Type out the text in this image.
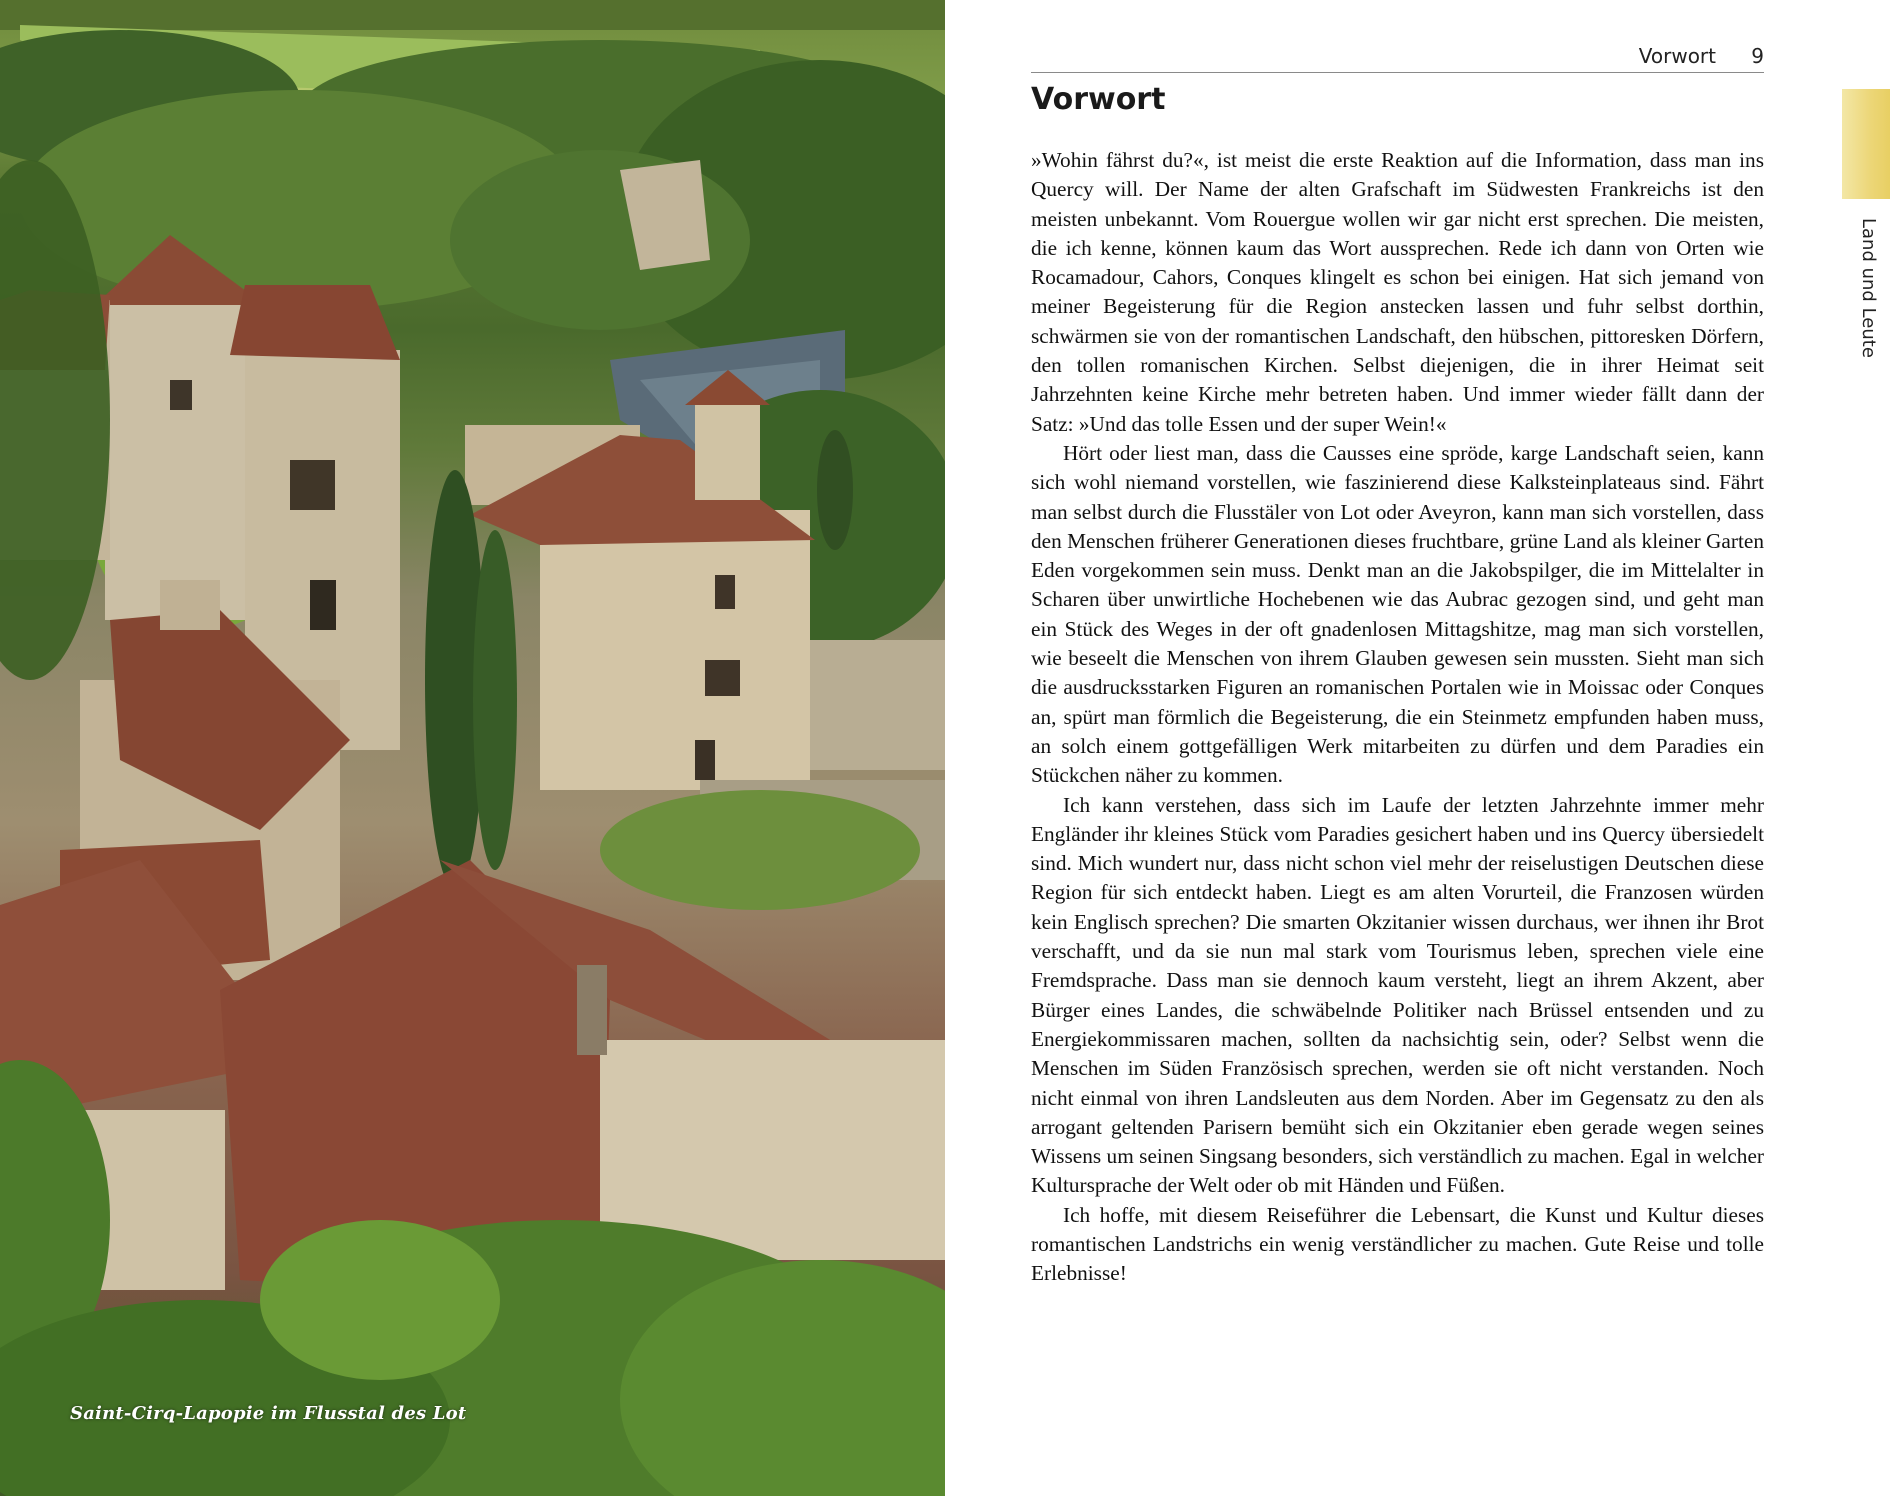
Saint-Cirq-Lapopie im Flusstal des Lot
Vorwort 9
Land und Leute
Vorwort

»Wohin fährst du?«, ist meist die erste Reaktion auf die Information, dass man ins Quercy will. Der Name der alten Grafschaft im Südwesten Frankreichs ist den meisten unbekannt. Vom Rouergue wollen wir gar nicht erst sprechen. Die meisten, die ich kenne, können kaum das Wort aussprechen. Rede ich dann von Orten wie Rocamadour, Cahors, Conques klingelt es schon bei einigen. Hat sich jemand von meiner Begeisterung für die Region anstecken lassen und fuhr selbst dorthin, schwärmen sie von der romantischen Landschaft, den hübschen, pittoresken Dörfern, den tollen romanischen Kirchen. Selbst diejenigen, die in ihrer Heimat seit Jahrzehnten keine Kirche mehr betreten haben. Und immer wieder fällt dann der Satz: »Und das tolle Essen und der super Wein!«

Hört oder liest man, dass die Causses eine spröde, karge Landschaft seien, kann sich wohl niemand vorstellen, wie faszinierend diese Kalksteinplateaus sind. Fährt man selbst durch die Flusstäler von Lot oder Aveyron, kann man sich vorstellen, dass den Menschen früherer Generationen dieses fruchtbare, grüne Land als kleiner Garten Eden vorgekommen sein muss. Denkt man an die Jakobspilger, die im Mittelalter in Scharen über unwirtliche Hochebenen wie das Aubrac gezogen sind, und geht man ein Stück des Weges in der oft gnadenlosen Mittagshitze, mag man sich vorstellen, wie beseelt die Menschen von ihrem Glauben gewesen sein mussten. Sieht man sich die ausdrucksstarken Figuren an romanischen Portalen wie in Moissac oder Conques an, spürt man förmlich die Begeisterung, die ein Steinmetz empfunden haben muss, an solch einem gottgefälligen Werk mitarbeiten zu dürfen und dem Paradies ein Stückchen näher zu kommen.

Ich kann verstehen, dass sich im Laufe der letzten Jahrzehnte immer mehr Engländer ihr kleines Stück vom Paradies gesichert haben und ins Quercy übersiedelt sind. Mich wundert nur, dass nicht schon viel mehr der reiselustigen Deutschen diese Region für sich entdeckt haben. Liegt es am alten Vorurteil, die Franzosen würden kein Englisch sprechen? Die smarten Okzitanier wissen durchaus, wer ihnen ihr Brot verschafft, und da sie nun mal stark vom Tourismus leben, sprechen viele eine Fremdsprache. Dass man sie dennoch kaum versteht, liegt an ihrem Akzent, aber Bürger eines Landes, die schwäbelnde Politiker nach Brüssel entsenden und zu Energiekommissaren machen, sollten da nachsichtig sein, oder? Selbst wenn die Menschen im Süden Französisch sprechen, werden sie oft nicht verstanden. Noch nicht einmal von ihren Landsleuten aus dem Norden. Aber im Gegensatz zu den als arrogant geltenden Parisern bemüht sich ein Okzitanier eben gerade wegen seines Wissens um seinen Singsang besonders, sich verständlich zu machen. Egal in welcher Kultursprache der Welt oder ob mit Händen und Füßen.

Ich hoffe, mit diesem Reiseführer die Lebensart, die Kunst und Kultur dieses romantischen Landstrichs ein wenig verständlicher zu machen. Gute Reise und tolle Erlebnisse!
